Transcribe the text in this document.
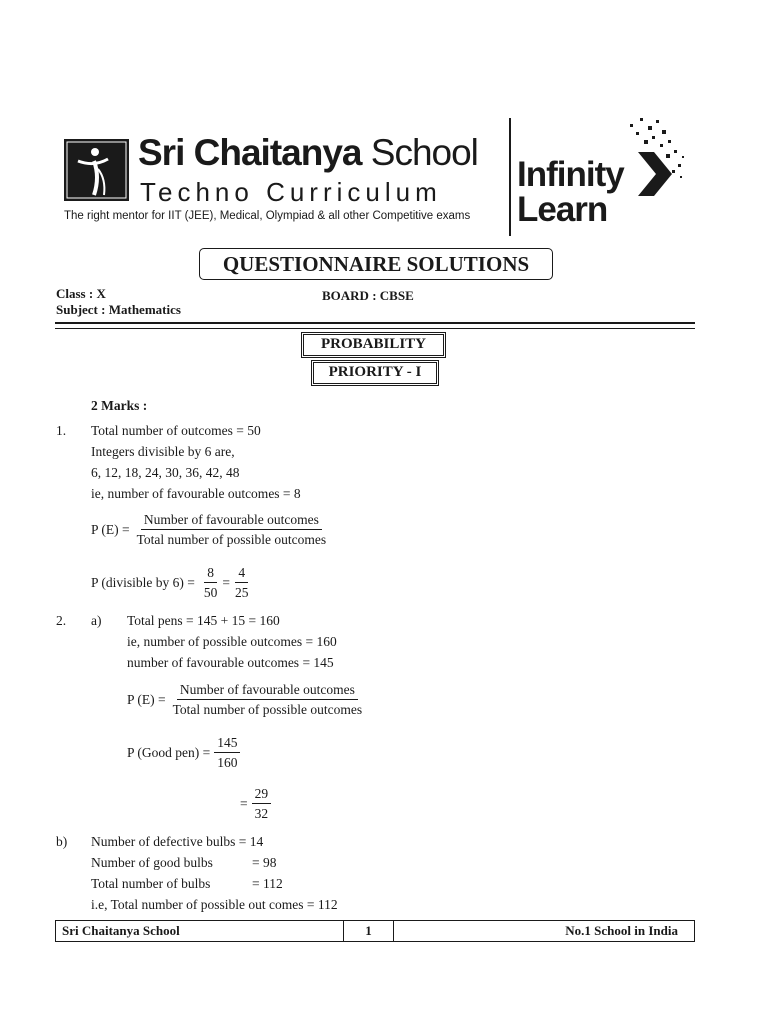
Sri Chaitanya School
Techno Curriculum
The right mentor for IIT (JEE), Medical, Olympiad & all other Competitive exams
Infinity
Learn
QUESTIONNAIRE SOLUTIONS
Class : X	BOARD : CBSE
Subject : Mathematics
PROBABILITY
PRIORITY - I
2 Marks :
1. Total number of outcomes = 50
Integers divisible by 6 are,
6, 12, 18, 24, 30, 36, 42, 48
ie, number of favourable outcomes = 8
P $(E) = \frac{\text{Number of favourable outcomes}}{\text{Total number of possible outcomes}}$
P (divisible by $6) = \frac{8}{50} = \frac{4}{25}$
2. a) Total pens = 145 + 15 = 160
ie, number of possible outcomes = 160
number of favourable outcomes = 145
P $(E) = \frac{\text{Number of favourable outcomes}}{\text{Total number of possible outcomes}}$
P (Good $pen) = \frac{145}{160}$
= $\frac{29}{32}$
b) Number of defective bulbs = 14
Number of good bulbs	= 98
Total number of bulbs	= 112
i.e, Total number of possible out comes = 112
Sri Chaitanya School	1	No.1 School in India
